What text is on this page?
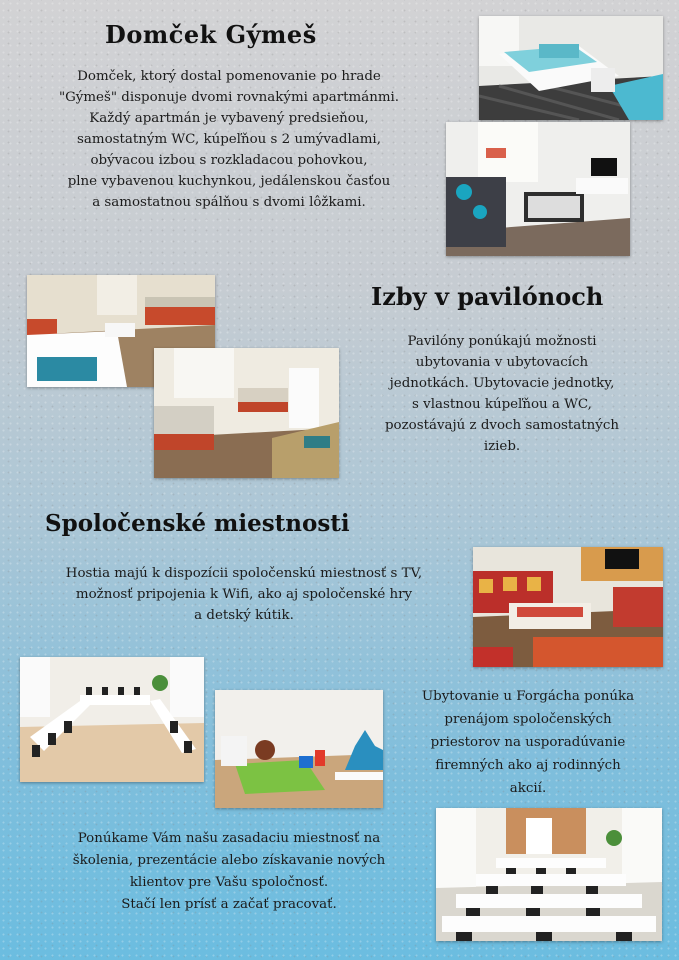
Domček Gýmeš
Domček, ktorý dostal pomenovanie po hrade
"Gýmeš" disponuje dvomi rovnakými apartmánmi.
Každý apartmán je vybavený predsieňou,
samostatným WC, kúpeľňou s 2 umývadlami,
obývacou izbou s rozkladacou pohovkou,
plne vybavenou kuchynkou, jedálenskou časťou
a samostatnou spálňou s dvomi lôžkami.
Izby v pavilónoch
Pavilóny ponúkajú možnosti
ubytovania v ubytovacích
jednotkách. Ubytovacie jednotky,
s vlastnou kúpeľňou a WC,
pozostávajú z dvoch samostatných
izieb.
Spoločenské miestnosti
Hostia majú k dispozícii spoločenskú miestnosť s TV,
možnosť pripojenia k Wifi, ako aj spoločenské hry
a detský kútik.
Ubytovanie u Forgácha ponúka
prenájom spoločenských
priestorov na usporadúvanie
firemných ako aj rodinných
akcií.
Ponúkame Vám našu zasadaciu miestnosť na
školenia, prezentácie alebo získavanie nových
klientov pre Vašu spoločnosť.
Stačí len prísť a začať pracovať.
